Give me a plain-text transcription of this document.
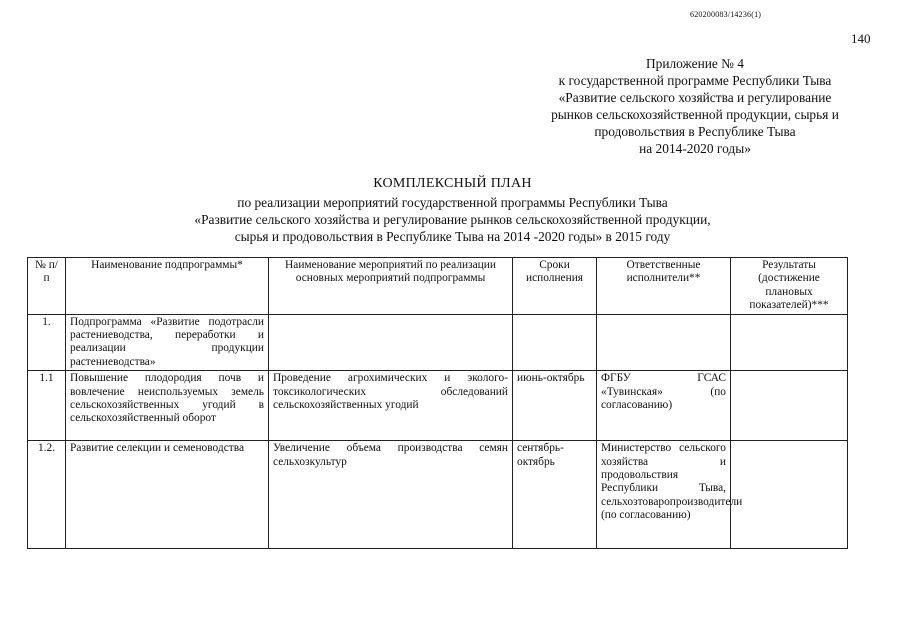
620200083/14236(1)
140
Приложение № 4
к государственной программе Республики Тыва
«Развитие сельского хозяйства и регулирование
рынков сельскохозяйственной продукции, сырья и
продовольствия в Республике Тыва
на 2014-2020 годы»
КОМПЛЕКСНЫЙ ПЛАН
по реализации мероприятий государственной программы Республики Тыва
«Развитие сельского хозяйства и регулирование рынков сельскохозяйственной продукции,
сырья и продовольствия в Республике Тыва на 2014 -2020 годы» в 2015 году
№ п/п	Наименование подпрограммы*	Наименование мероприятий по реализации основных мероприятий подпрограммы	Сроки исполнения	Ответственные исполнители**	Результаты (достижение плановых показателей)***
1.	Подпрограмма «Развитие подотрасли растениеводства, переработки и реализации продукции растениеводства»				
1.1	Повышение плодородия почв и вовлечение неиспользуемых земель сельскохозяйственных угодий в сельскохозяйственный оборот	Проведение агрохимических и эколого-токсикологических обследований сельскохозяйственных угодий	июнь-октябрь	ФГБУ ГСАС «Тувинская» (по согласованию)	
1.2.	Развитие селекции и семеноводства	Увеличение объема производства семян сельхозкультур	сентябрь-октябрь	Министерство сельского хозяйства и продовольствия Республики Тыва, сельхозтоваропроизводители (по согласованию)	
